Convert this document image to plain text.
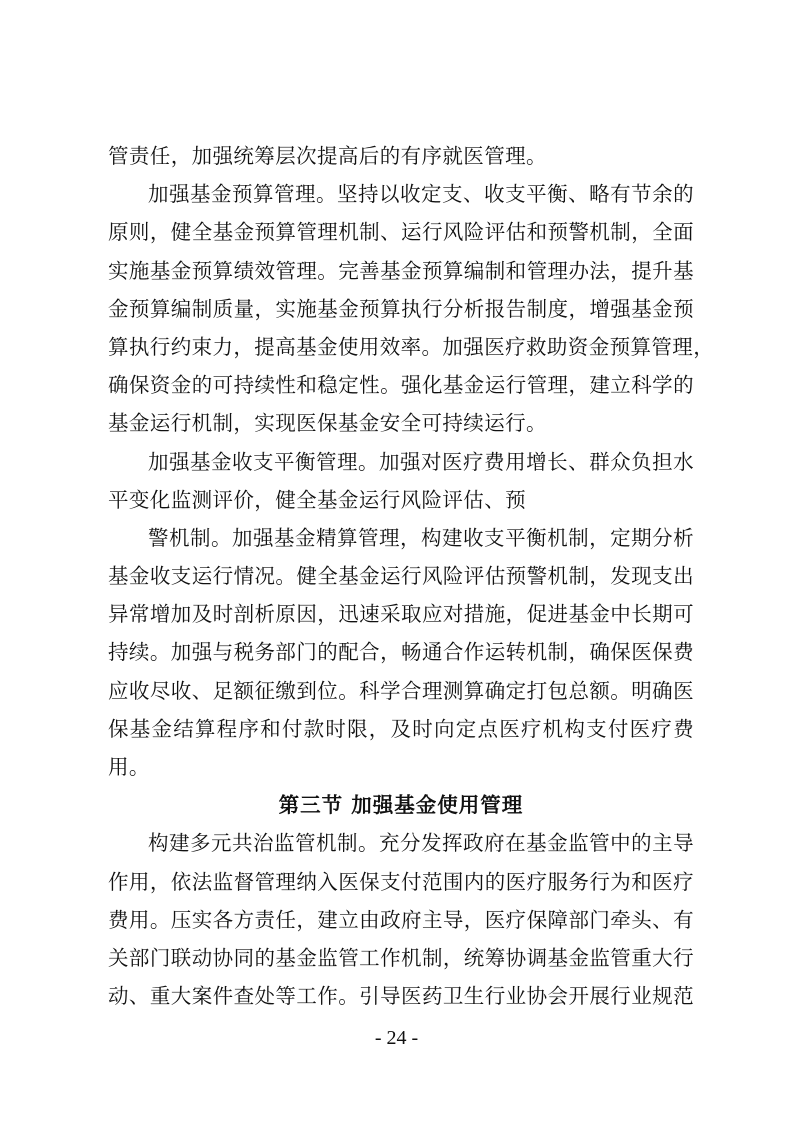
管责任，加强统筹层次提高后的有序就医管理。
加强基金预算管理。坚持以收定支、收支平衡、略有节余的
原则，健全基金预算管理机制、运行风险评估和预警机制，全面
实施基金预算绩效管理。完善基金预算编制和管理办法，提升基
金预算编制质量，实施基金预算执行分析报告制度，增强基金预
算执行约束力，提高基金使用效率。加强医疗救助资金预算管理，
确保资金的可持续性和稳定性。强化基金运行管理，建立科学的
基金运行机制，实现医保基金安全可持续运行。
加强基金收支平衡管理。加强对医疗费用增长、群众负担水
平变化监测评价，健全基金运行风险评估、预
警机制。加强基金精算管理，构建收支平衡机制，定期分析
基金收支运行情况。健全基金运行风险评估预警机制，发现支出
异常增加及时剖析原因，迅速采取应对措施，促进基金中长期可
持续。加强与税务部门的配合，畅通合作运转机制，确保医保费
应收尽收、足额征缴到位。科学合理测算确定打包总额。明确医
保基金结算程序和付款时限，及时向定点医疗机构支付医疗费
用。
第三节 加强基金使用管理
构建多元共治监管机制。充分发挥政府在基金监管中的主导
作用，依法监督管理纳入医保支付范围内的医疗服务行为和医疗
费用。压实各方责任，建立由政府主导，医疗保障部门牵头、有
关部门联动协同的基金监管工作机制，统筹协调基金监管重大行
动、重大案件查处等工作。引导医药卫生行业协会开展行业规范
- 24 -
